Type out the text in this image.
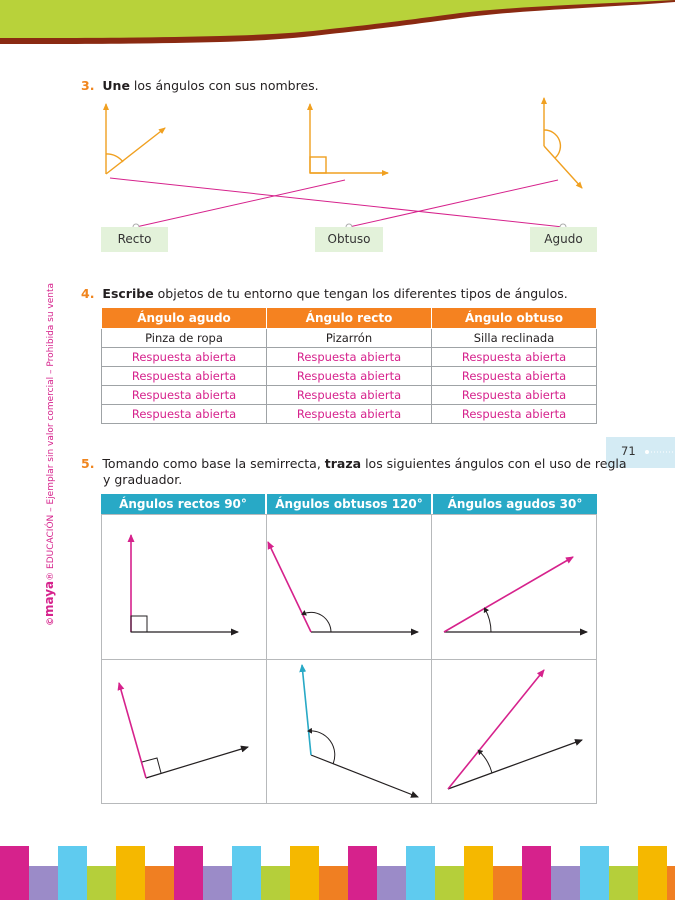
3. Une los ángulos con sus nombres.
Recto	Obtuso	Agudo
4. Escribe objetos de tu entorno que tengan los diferentes tipos de ángulos.
Ángulo agudo	Ángulo recto	Ángulo obtuso
Pinza de ropa	Pizarrón	Silla reclinada
Respuesta abierta	Respuesta abierta	Respuesta abierta
Respuesta abierta	Respuesta abierta	Respuesta abierta
Respuesta abierta	Respuesta abierta	Respuesta abierta
Respuesta abierta	Respuesta abierta	Respuesta abierta
71
5. Tomando como base la semirrecta, traza los siguientes ángulos con el uso de regla
y graduador.
Ángulos rectos 90°	Ángulos obtusos 120°	Ángulos agudos 30°
©maya® EDUCACIÓN – Ejemplar sin valor comercial – Prohibida su venta
